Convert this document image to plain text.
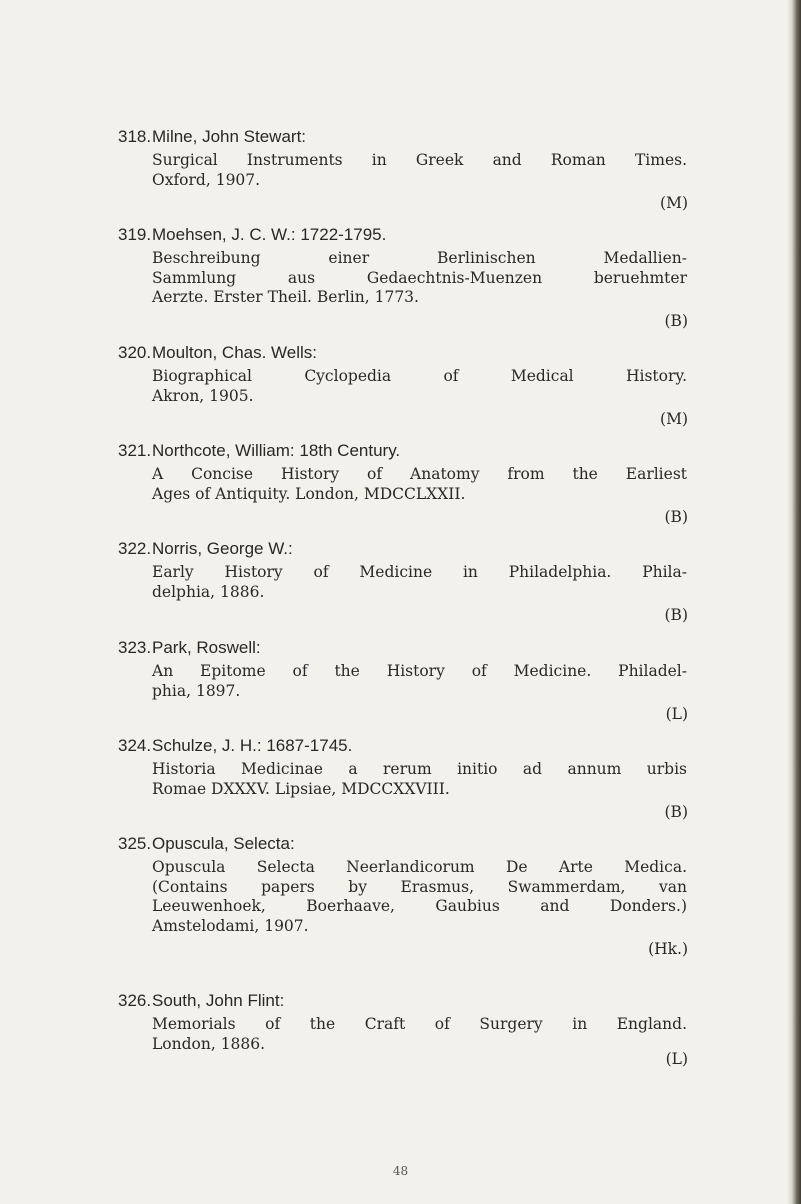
318.Milne, John Stewart:
Surgical Instruments in Greek and Roman Times.
Oxford, 1907.
(M)
319.Moehsen, J. C. W.: 1722-1795.
Beschreibung einer Berlinischen Medallien-
Sammlung aus Gedaechtnis-Muenzen beruehmter
Aerzte. Erster Theil. Berlin, 1773.
(B)
320.Moulton, Chas. Wells:
Biographical Cyclopedia of Medical History.
Akron, 1905.
(M)
321.Northcote, William: 18th Century.
A Concise History of Anatomy from the Earliest
Ages of Antiquity. London, MDCCLXXII.
(B)
322.Norris, George W.:
Early History of Medicine in Philadelphia. Phila-
delphia, 1886.
(B)
323.Park, Roswell:
An Epitome of the History of Medicine. Philadel-
phia, 1897.
(L)
324.Schulze, J. H.: 1687-1745.
Historia Medicinae a rerum initio ad annum urbis
Romae DXXXV. Lipsiae, MDCCXXVIII.
(B)
325.Opuscula, Selecta:
Opuscula Selecta Neerlandicorum De Arte Medica.
(Contains papers by Erasmus, Swammerdam, van
Leeuwenhoek, Boerhaave, Gaubius and Donders.)
Amstelodami, 1907.
(Hk.)
326.South, John Flint:
Memorials of the Craft of Surgery in England.
London, 1886.
(L)
48
